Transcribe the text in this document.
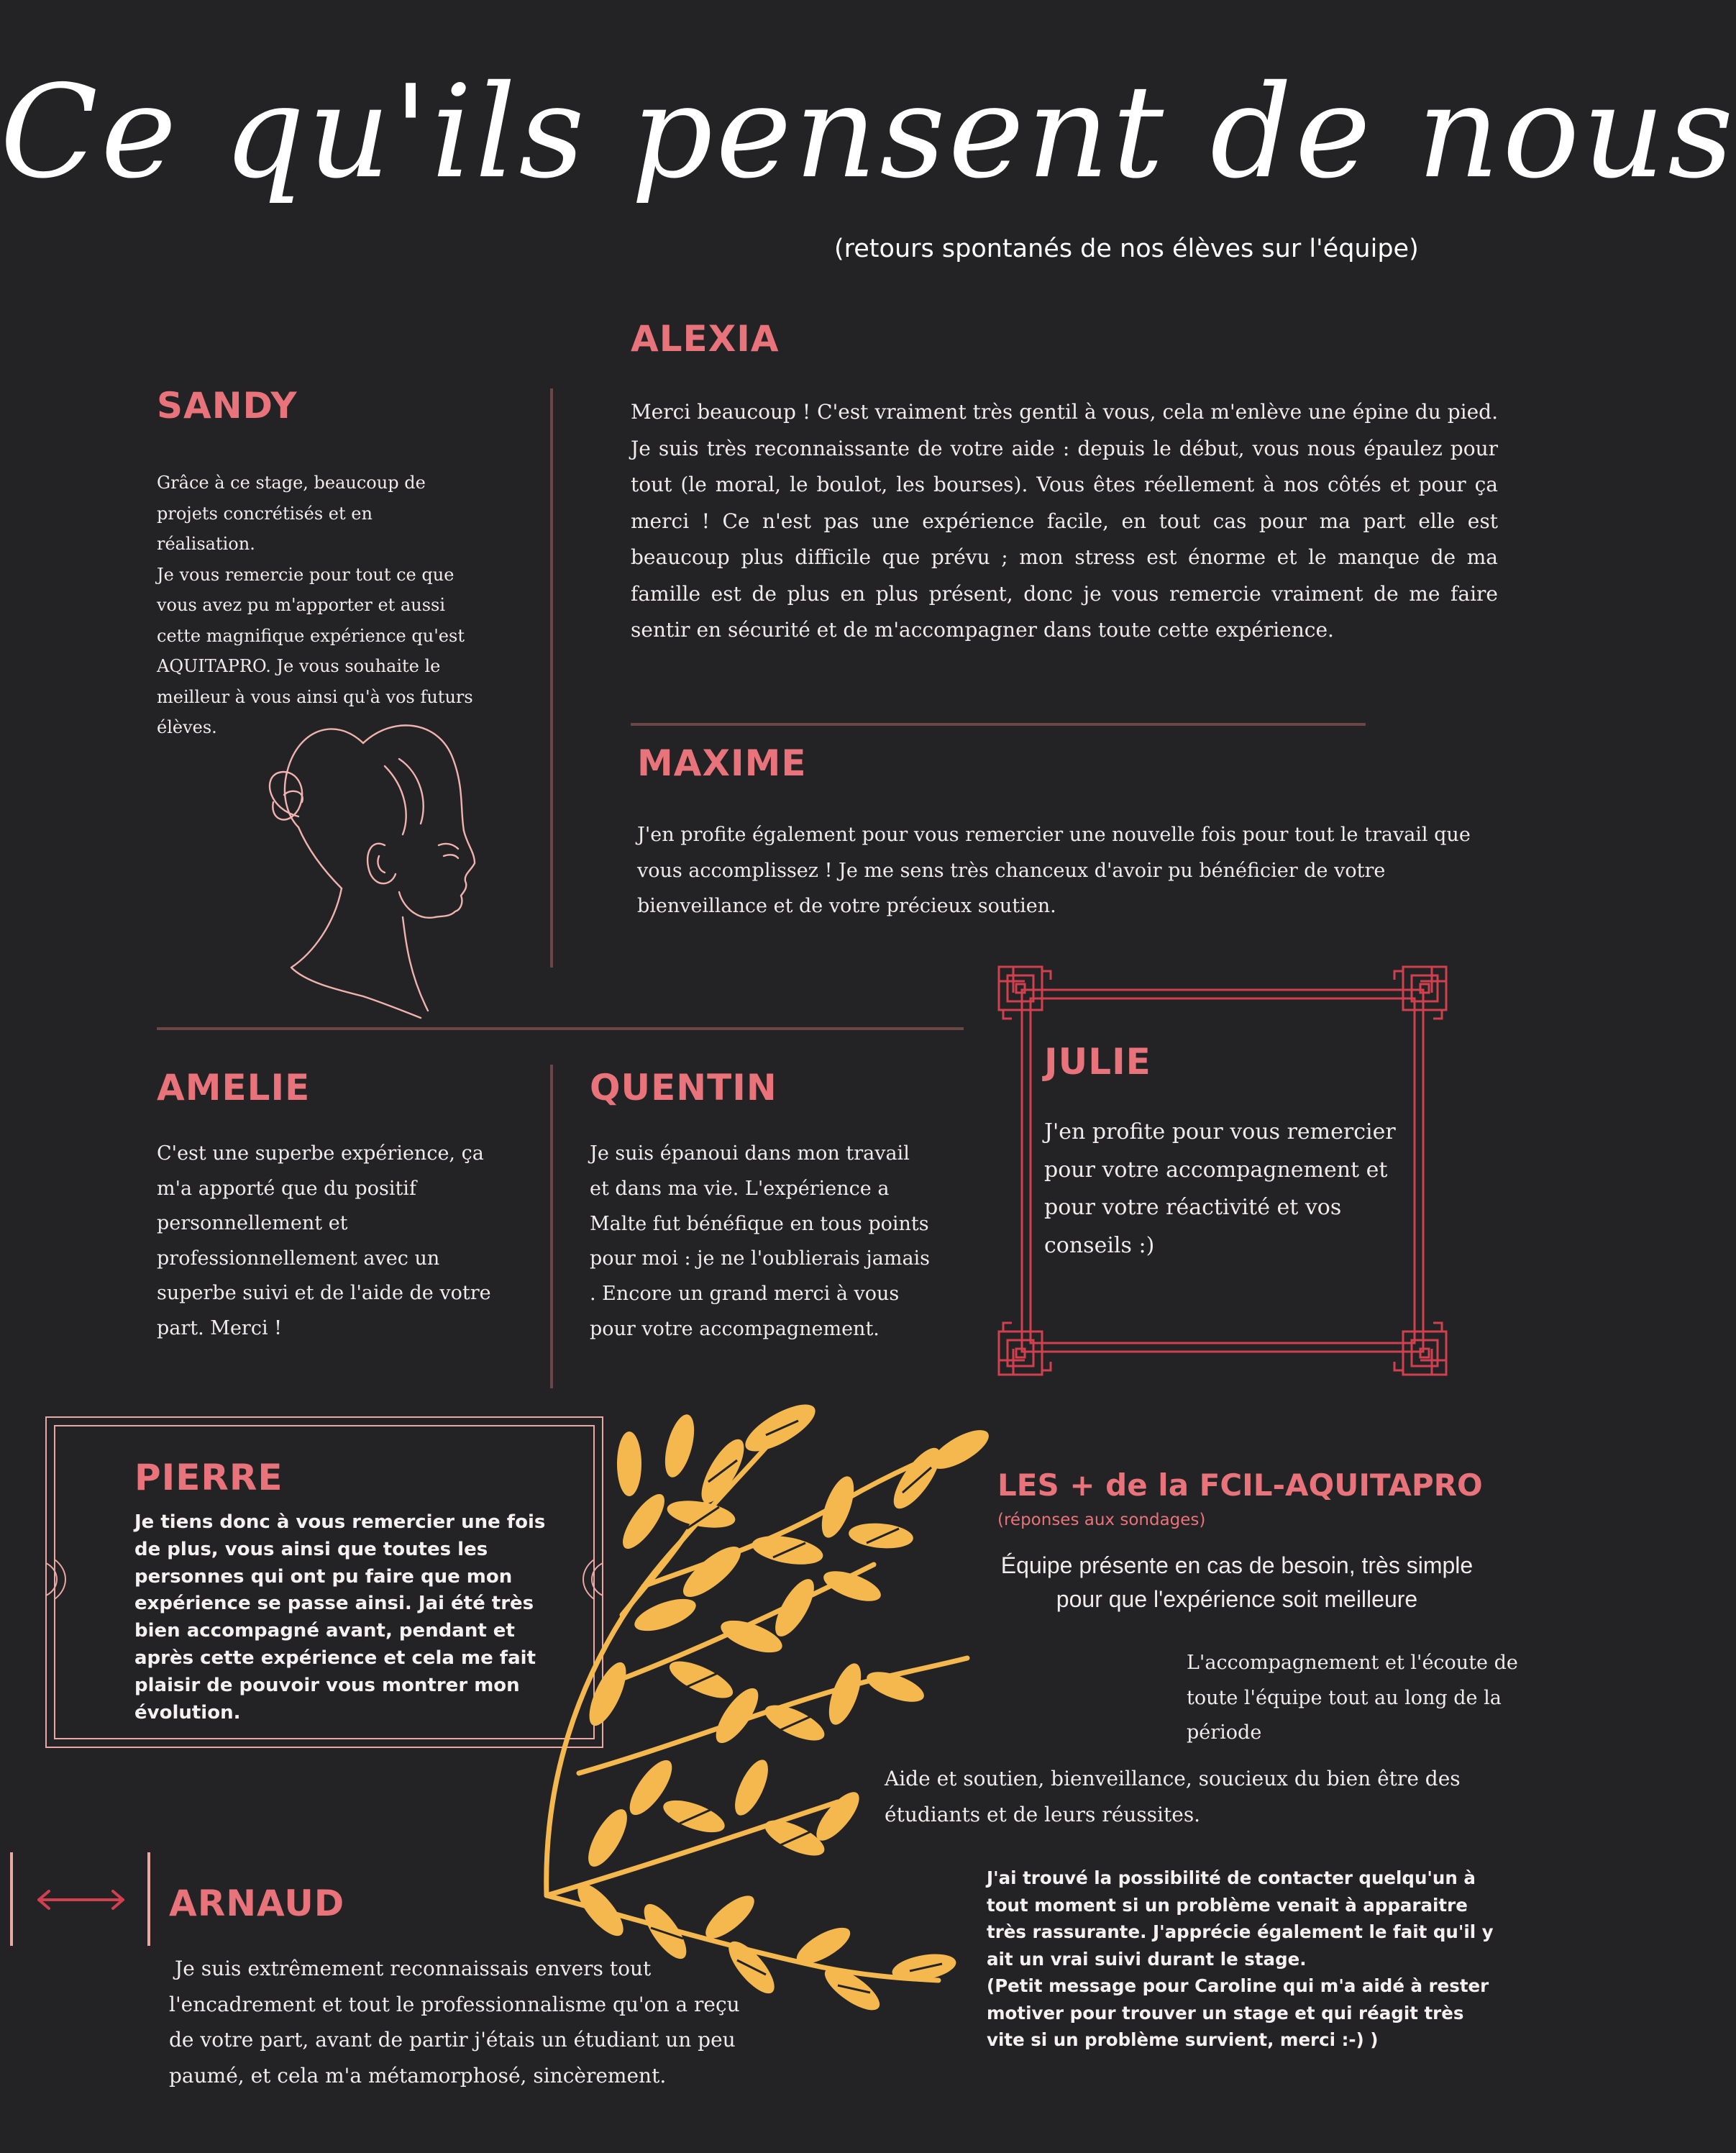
Ce qu'ils pensent de nous
(retours spontanés de nos élèves sur l'équipe)
SANDY
Grâce à ce stage, beaucoup de projets concrétisés et en réalisation.
Je vous remercie pour tout ce que vous avez pu m'apporter et aussi cette magnifique expérience qu'est AQUITAPRO. Je vous souhaite le meilleur à vous ainsi qu'à vos futurs élèves.
ALEXIA
Merci beaucoup ! C'est vraiment très gentil à vous, cela m'enlève une épine du pied. Je suis très reconnaissante de votre aide : depuis le début, vous nous épaulez pour tout (le moral, le boulot, les bourses). Vous êtes réellement à nos côtés et pour ça merci ! Ce n'est pas une expérience facile, en tout cas pour ma part elle est beaucoup plus difficile que prévu ; mon stress est énorme et le manque de ma famille est de plus en plus présent, donc je vous remercie vraiment de me faire sentir en sécurité et de m'accompagner dans toute cette expérience.
MAXIME
J'en profite également pour vous remercier une nouvelle fois pour tout le travail que vous accomplissez ! Je me sens très chanceux d'avoir pu bénéficier de votre bienveillance et de votre précieux soutien.
AMELIE
C'est une superbe expérience, ça m'a apporté que du positif personnellement et professionnellement avec un superbe suivi et de l'aide de votre part. Merci !
QUENTIN
Je suis épanoui dans mon travail et dans ma vie. L'expérience a Malte fut bénéfique en tous points pour moi : je ne l'oublierais jamais . Encore un grand merci à vous pour votre accompagnement.
JULIE
J'en profite pour vous remercier pour votre accompagnement et pour votre réactivité et vos conseils :)
PIERRE
Je tiens donc à vous remercier une fois de plus, vous ainsi que toutes les personnes qui ont pu faire que mon expérience se passe ainsi. Jai été très bien accompagné avant, pendant et après cette expérience et cela me fait plaisir de pouvoir vous montrer mon évolution.
ARNAUD
Je suis extrêmement reconnaissais envers tout l'encadrement et tout le professionnalisme qu'on a reçu de votre part, avant de partir j'étais un étudiant un peu paumé, et cela m'a métamorphosé, sincèrement.
LES + de la FCIL-AQUITAPRO
(réponses aux sondages)
Équipe présente en cas de besoin, très simple
pour que l'expérience soit meilleure
L'accompagnement et l'écoute de toute l'équipe tout au long de la période
Aide et soutien, bienveillance, soucieux du bien être des étudiants et de leurs réussites.
J'ai trouvé la possibilité de contacter quelqu'un à tout moment si un problème venait à apparaitre très rassurante. J'apprécie également le fait qu'il y ait un vrai suivi durant le stage.
(Petit message pour Caroline qui m'a aidé à rester motiver pour trouver un stage et qui réagit très vite si un problème survient, merci :-) )
